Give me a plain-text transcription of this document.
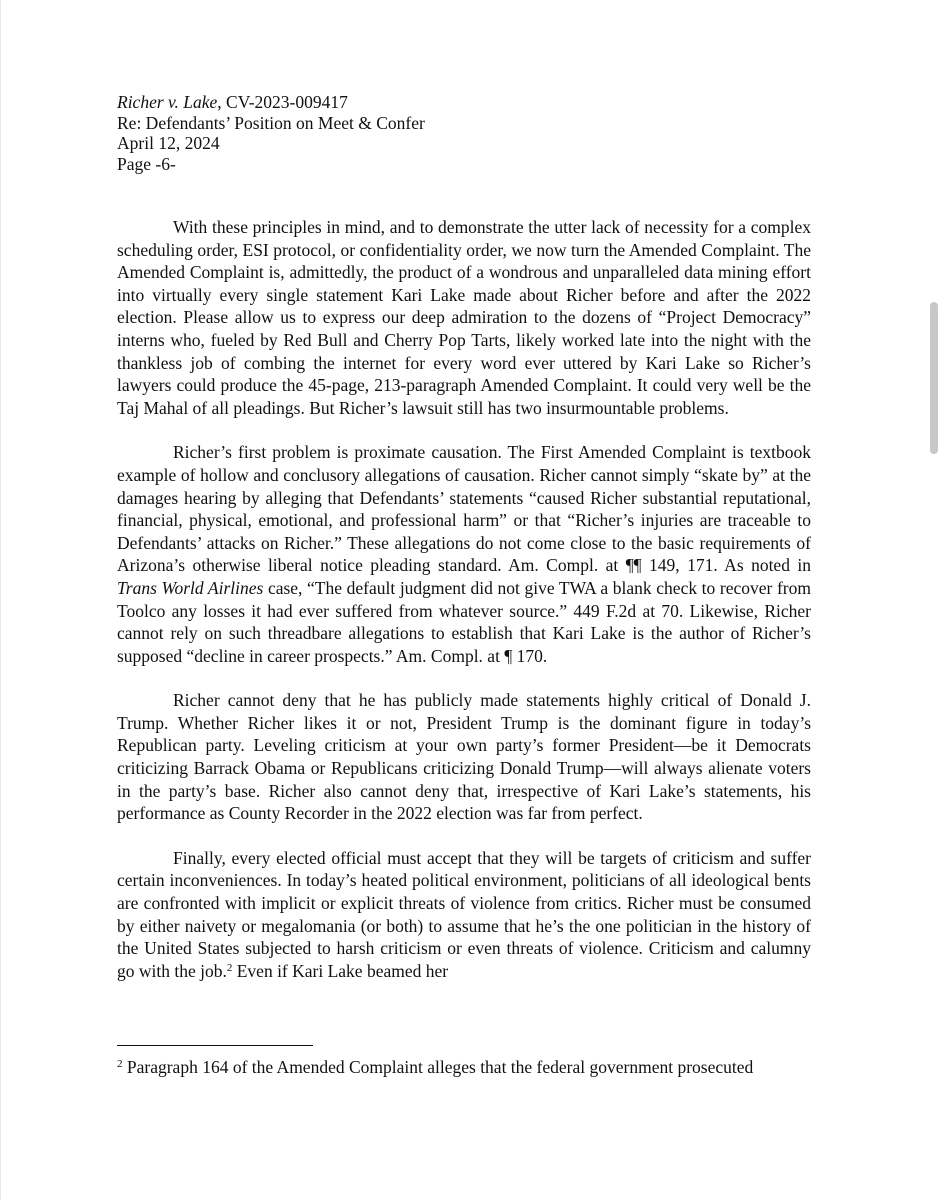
Richer v. Lake, CV-2023-009417
Re: Defendants’ Position on Meet & Confer
April 12, 2024
Page -6-

With these principles in mind, and to demonstrate the utter lack of necessity for a complex scheduling order, ESI protocol, or confidentiality order, we now turn the Amended Complaint. The Amended Complaint is, admittedly, the product of a wondrous and unparalleled data mining effort into virtually every single statement Kari Lake made about Richer before and after the 2022 election. Please allow us to express our deep admiration to the dozens of “Project Democracy” interns who, fueled by Red Bull and Cherry Pop Tarts, likely worked late into the night with the thankless job of combing the internet for every word ever uttered by Kari Lake so Richer’s lawyers could produce the 45-page, 213-paragraph Amended Complaint. It could very well be the Taj Mahal of all pleadings. But Richer’s lawsuit still has two insurmountable problems.

Richer’s first problem is proximate causation. The First Amended Complaint is textbook example of hollow and conclusory allegations of causation. Richer cannot simply “skate by” at the damages hearing by alleging that Defendants’ statements “caused Richer substantial reputational, financial, physical, emotional, and professional harm” or that “Richer’s injuries are traceable to Defendants’ attacks on Richer.” These allegations do not come close to the basic requirements of Arizona’s otherwise liberal notice pleading standard. Am. Compl. at ¶¶ 149, 171. As noted in Trans World Airlines case, “The default judgment did not give TWA a blank check to recover from Toolco any losses it had ever suffered from whatever source.” 449 F.2d at 70. Likewise, Richer cannot rely on such threadbare allegations to establish that Kari Lake is the author of Richer’s supposed “decline in career prospects.” Am. Compl. at ¶ 170.

Richer cannot deny that he has publicly made statements highly critical of Donald J. Trump. Whether Richer likes it or not, President Trump is the dominant figure in today’s Republican party. Leveling criticism at your own party’s former President—be it Democrats criticizing Barrack Obama or Republicans criticizing Donald Trump—will always alienate voters in the party’s base. Richer also cannot deny that, irrespective of Kari Lake’s statements, his performance as County Recorder in the 2022 election was far from perfect.

Finally, every elected official must accept that they will be targets of criticism and suffer certain inconveniences. In today’s heated political environment, politicians of all ideological bents are confronted with implicit or explicit threats of violence from critics. Richer must be consumed by either naivety or megalomania (or both) to assume that he’s the one politician in the history of the United States subjected to harsh criticism or even threats of violence. Criticism and calumny go with the job.$^2$ Even if Kari Lake beamed her

$^2$ Paragraph 164 of the Amended Complaint alleges that the federal government prosecuted
